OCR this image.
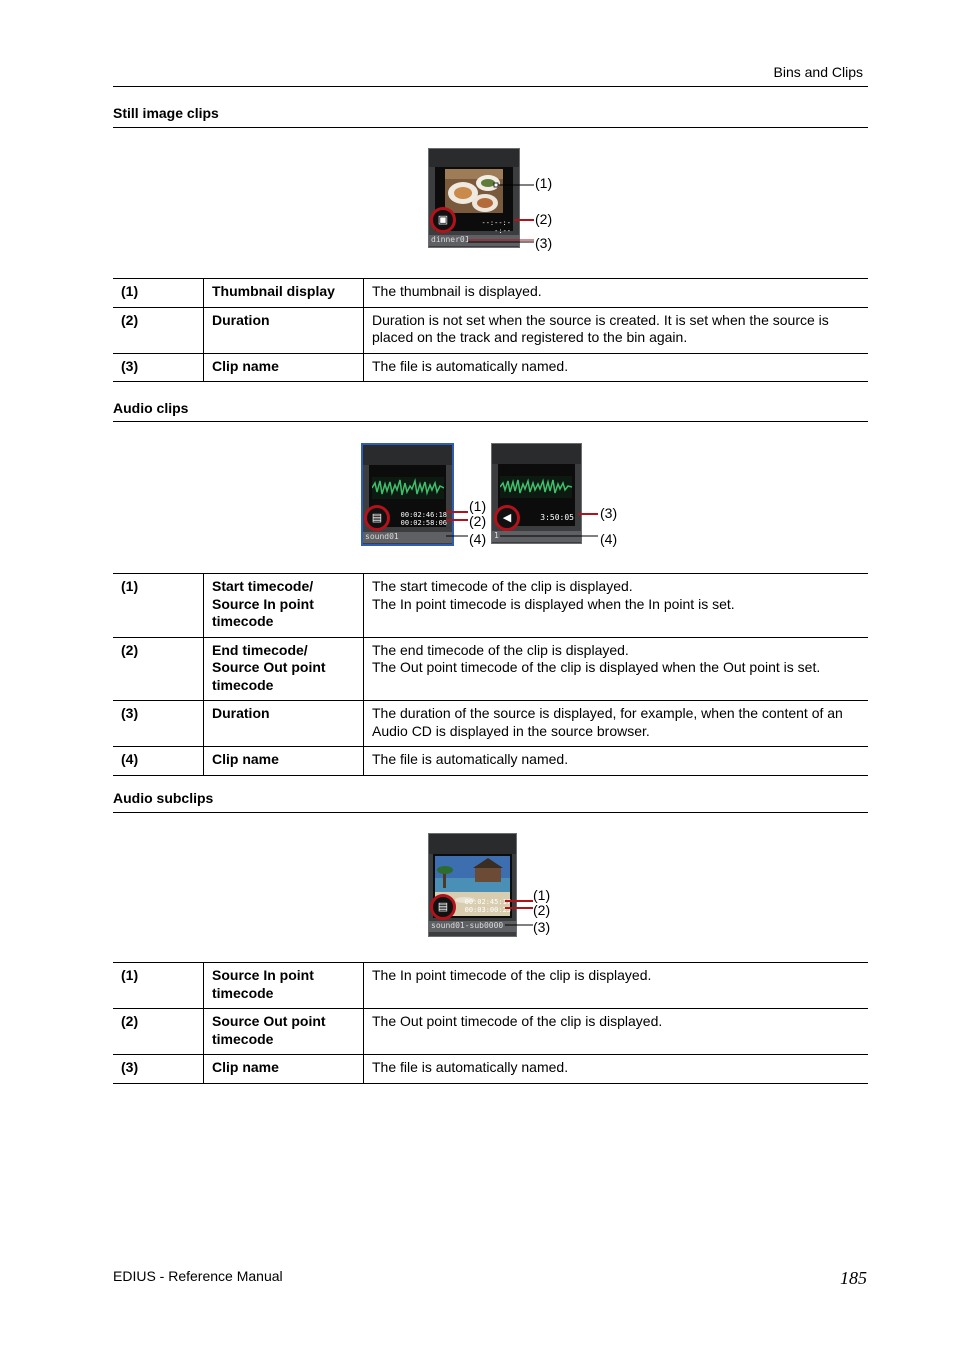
Bins and Clips
Still image clips
--:--:--:--
dinner01
▣
(1)
(2)
(3)
(1)	Thumbnail display	The thumbnail is displayed.

(2)	Duration	Duration is not set when the source is created. It is set when the source is
placed on the track and registered to the bin again.

(3)	Clip name	The file is automatically named.
Audio clips
00:02:46:18
00:02:58:06
sound01
▤	3:50:05
1
◀
(1)
(2)
(4)
(3)
(4)
(1)	Start timecode/
Source In point
timecode	The start timecode of the clip is displayed.
The In point timecode is displayed when the In point is set.

(2)	End timecode/
Source Out point
timecode	The end timecode of the clip is displayed.
The Out point timecode of the clip is displayed when the Out point is set.

(3)	Duration	The duration of the source is displayed, for example, when the content of an
Audio CD is displayed in the source browser.

(4)	Clip name	The file is automatically named.
Audio subclips
00:02:45:17
00:03:00:25
sound01-sub0000
▤
(1)
(2)
(3)
(1)	Source In point
timecode	The In point timecode of the clip is displayed.

(2)	Source Out point
timecode	The Out point timecode of the clip is displayed.

(3)	Clip name	The file is automatically named.
EDIUS - Reference Manual	185
